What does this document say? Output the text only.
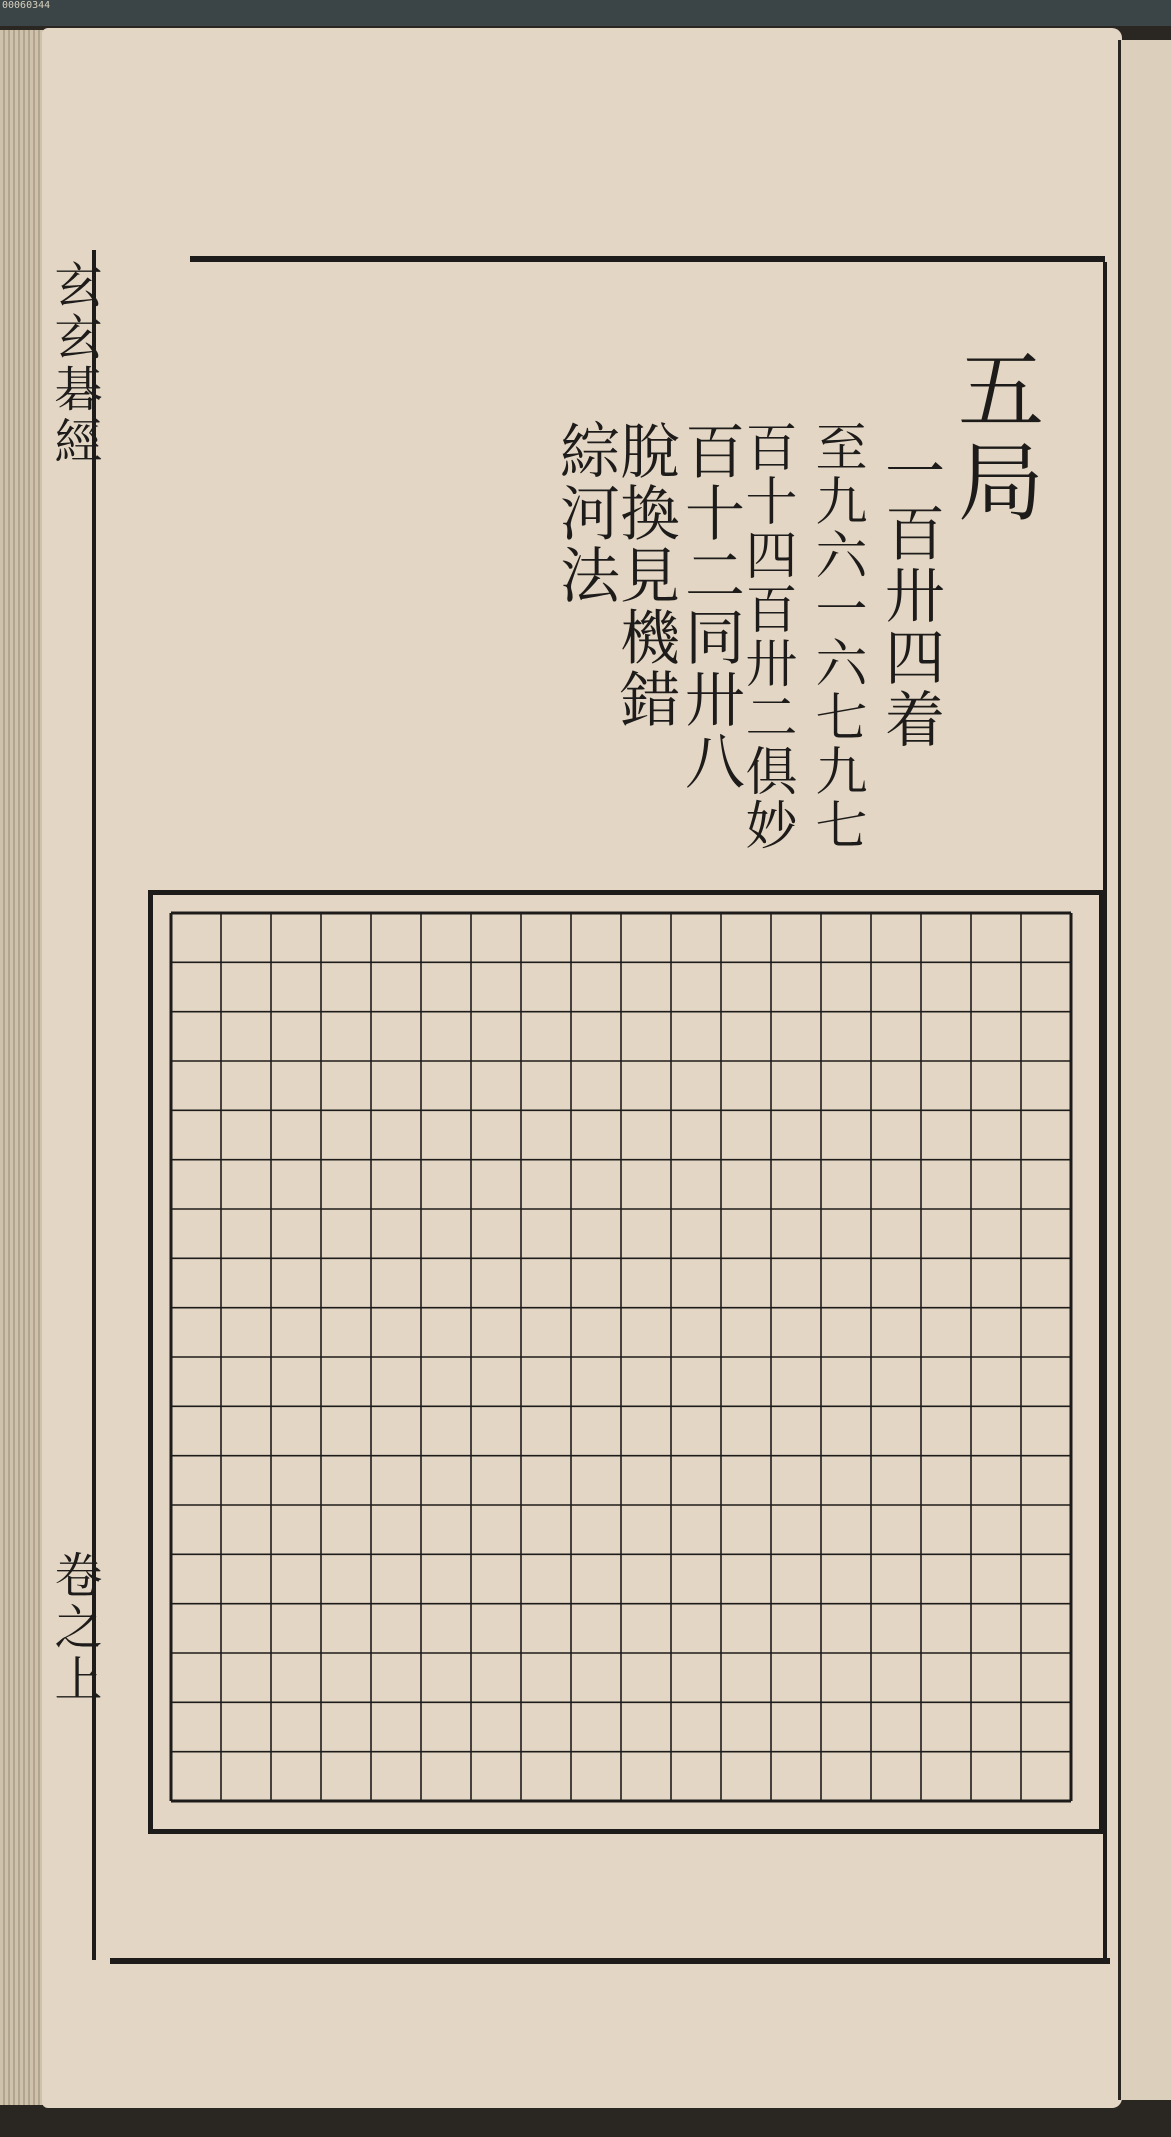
00060344
玄玄碁經
卷之上
五局
一百卅四着
至九六一六七九七
百十四百卅二俱妙
百十二同卅八
脫換見機錯
綜河法
